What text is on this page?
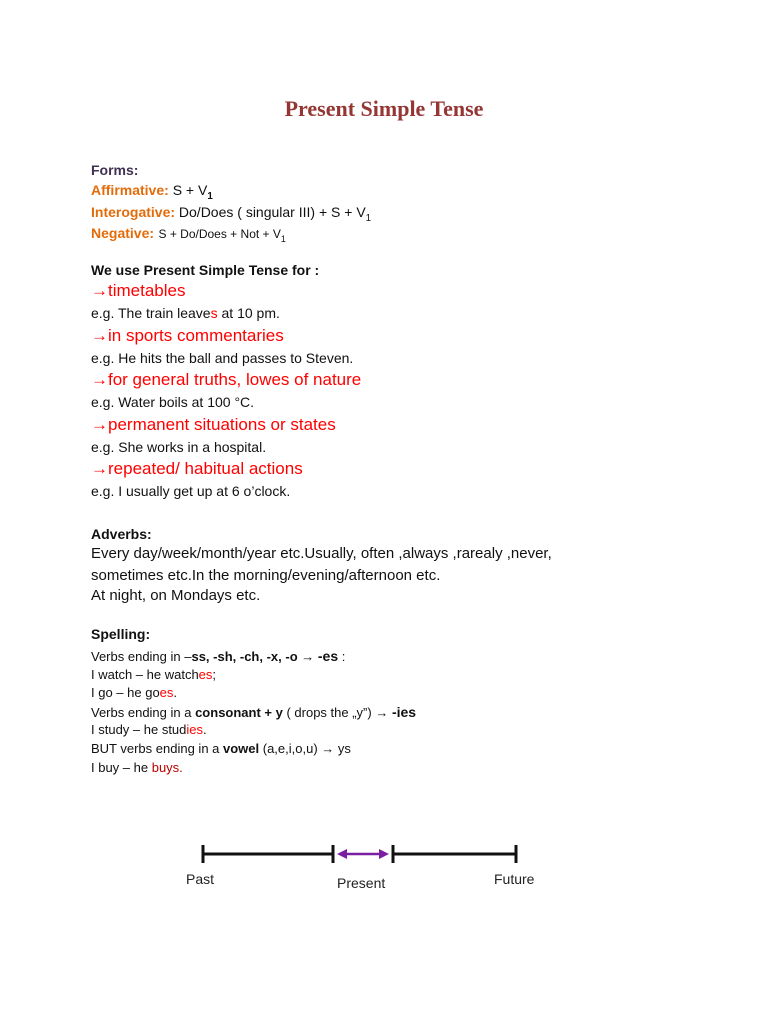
Present Simple Tense
Forms:
Affirmative: $S + V_1$
Interogative: Do/Does ( singular $III) + S + V_1$
Negative: S + Do/Does + Not + $V_1$
We use Present Simple Tense for :
→timetables
e.g. The train leaves at 10 pm.
→in sports commentaries
e.g. He hits the ball and passes to Steven.
→for general truths, lowes of nature
e.g. Water boils at 100 °C.
→permanent situations or states
e.g. She works in a hospital.
→repeated/ habitual actions
e.g. I usually get up at 6 o’clock.
Adverbs:
Every day/week/month/year etc.Usually, often ,always ,rarealy ,never,
sometimes etc.In the morning/evening/afternoon etc.
At night, on Mondays etc.
Spelling:
Verbs ending in –ss, -sh, -ch, -x, -o → -es :
I watch – he watches;
I go – he goes.
Verbs ending in a consonant + y ( drops the „y”) → -ies
I study – he studies.
BUT verbs ending in a vowel (a,e,i,o,u) → ys
I buy – he buys.
Past	Present	Future
